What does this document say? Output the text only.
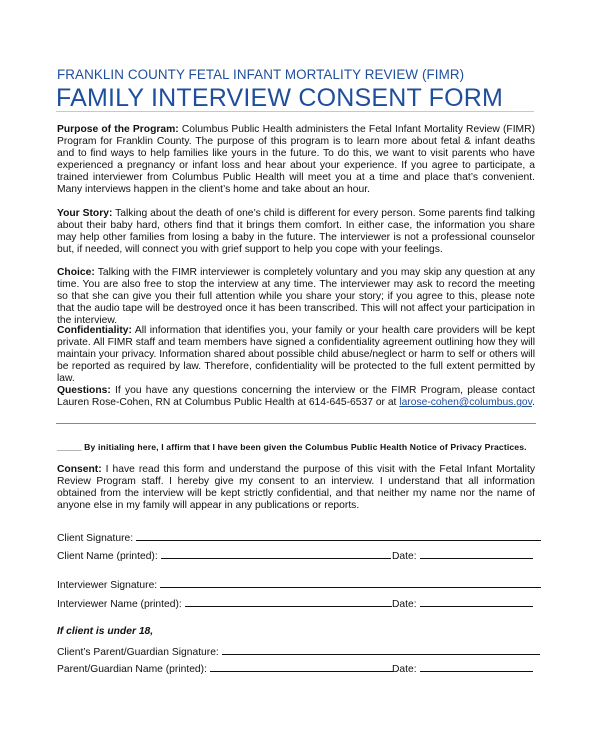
FRANKLIN COUNTY FETAL INFANT MORTALITY REVIEW (FIMR)
FAMILY INTERVIEW CONSENT FORM
Purpose of the Program: Columbus Public Health administers the Fetal Infant Mortality Review (FIMR) Program for Franklin County. The purpose of this program is to learn more about fetal & infant deaths and to find ways to help families like yours in the future. To do this, we want to visit parents who have experienced a pregnancy or infant loss and hear about your experience. If you agree to participate, a trained interviewer from Columbus Public Health will meet you at a time and place that’s convenient. Many interviews happen in the client’s home and take about an hour.
Your Story: Talking about the death of one’s child is different for every person. Some parents find talking about their baby hard, others find that it brings them comfort. In either case, the information you share may help other families from losing a baby in the future. The interviewer is not a professional counselor but, if needed, will connect you with grief support to help you cope with your feelings.
Choice: Talking with the FIMR interviewer is completely voluntary and you may skip any question at any time. You are also free to stop the interview at any time. The interviewer may ask to record the meeting so that she can give you their full attention while you share your story; if you agree to this, please note that the audio tape will be destroyed once it has been transcribed. This will not affect your participation in the interview.
Confidentiality: All information that identifies you, your family or your health care providers will be kept private. All FIMR staff and team members have signed a confidentiality agreement outlining how they will maintain your privacy. Information shared about possible child abuse/neglect or harm to self or others will be reported as required by law. Therefore, confidentiality will be protected to the full extent permitted by law.
Questions: If you have any questions concerning the interview or the FIMR Program, please contact Lauren Rose-Cohen, RN at Columbus Public Health at 614-645-6537 or at larose-cohen@columbus.gov.
_____ By initialing here, I affirm that I have been given the Columbus Public Health Notice of Privacy Practices.
Consent: I have read this form and understand the purpose of this visit with the Fetal Infant Mortality Review Program staff. I hereby give my consent to an interview. I understand that all information obtained from the interview will be kept strictly confidential, and that neither my name nor the name of anyone else in my family will appear in any publications or reports.
Client Signature:
Client Name (printed):	Date:
Interviewer Signature:
Interviewer Name (printed):	Date:
If client is under 18,
Client’s Parent/Guardian Signature:
Parent/Guardian Name (printed):	Date:
